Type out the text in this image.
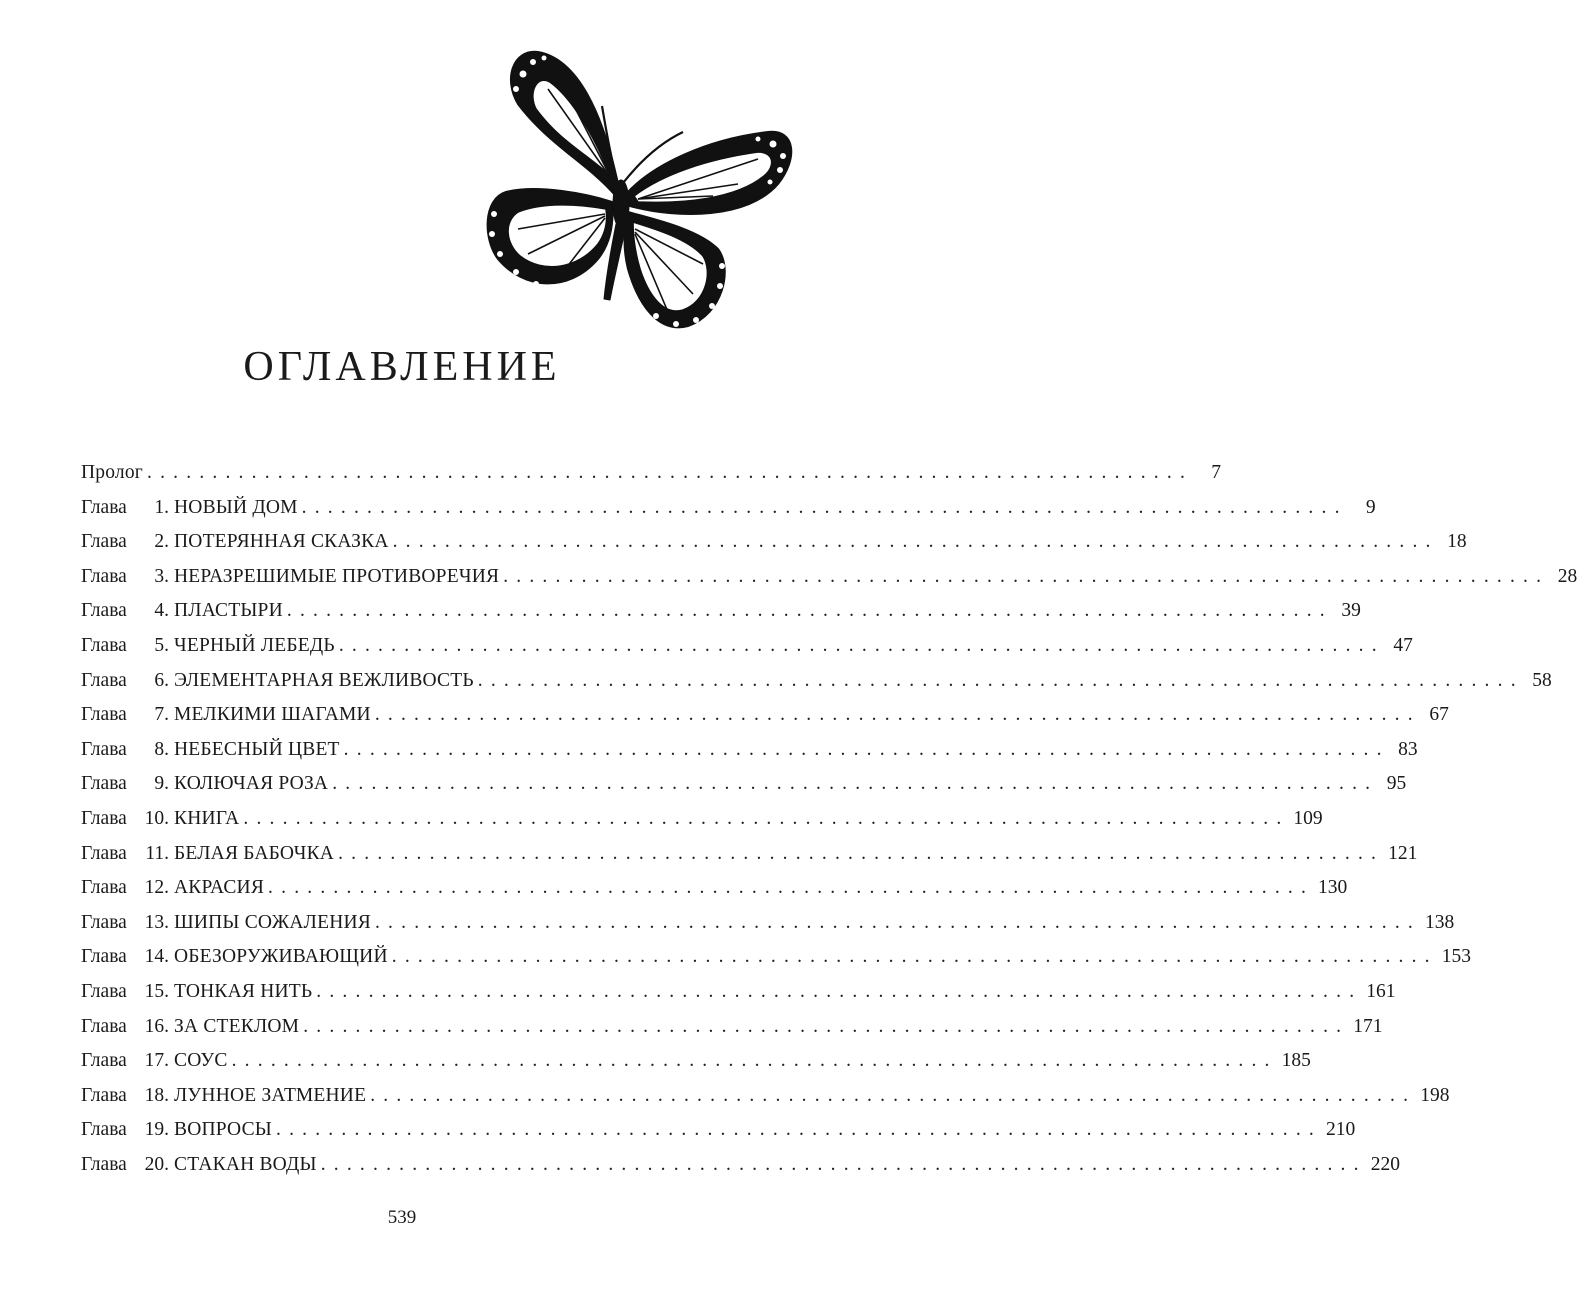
ОГЛАВЛЕНИЕ
Пролог ................................................................................ 7
Глава 1. НОВЫЙ ДОМ ................................................................................ 9
Глава 2. ПОТЕРЯННАЯ СКАЗКА ................................................................................ 18
Глава 3. НЕРАЗРЕШИМЫЕ ПРОТИВОРЕЧИЯ ................................................................................ 28
Глава 4. ПЛАСТЫРИ ................................................................................ 39
Глава 5. ЧЕРНЫЙ ЛЕБЕДЬ ................................................................................ 47
Глава 6. ЭЛЕМЕНТАРНАЯ ВЕЖЛИВОСТЬ ................................................................................ 58
Глава 7. МЕЛКИМИ ШАГАМИ ................................................................................ 67
Глава 8. НЕБЕСНЫЙ ЦВЕТ ................................................................................ 83
Глава 9. КОЛЮЧАЯ РОЗА ................................................................................ 95
Глава 10. КНИГА ................................................................................ 109
Глава 11. БЕЛАЯ БАБОЧКА ................................................................................ 121
Глава 12. АКРАСИЯ ................................................................................ 130
Глава 13. ШИПЫ СОЖАЛЕНИЯ ................................................................................ 138
Глава 14. ОБЕЗОРУЖИВАЮЩИЙ ................................................................................ 153
Глава 15. ТОНКАЯ НИТЬ ................................................................................ 161
Глава 16. ЗА СТЕКЛОМ ................................................................................ 171
Глава 17. СОУС ................................................................................ 185
Глава 18. ЛУННОЕ ЗАТМЕНИЕ ................................................................................ 198
Глава 19. ВОПРОСЫ ................................................................................ 210
Глава 20. СТАКАН ВОДЫ ................................................................................ 220
539
